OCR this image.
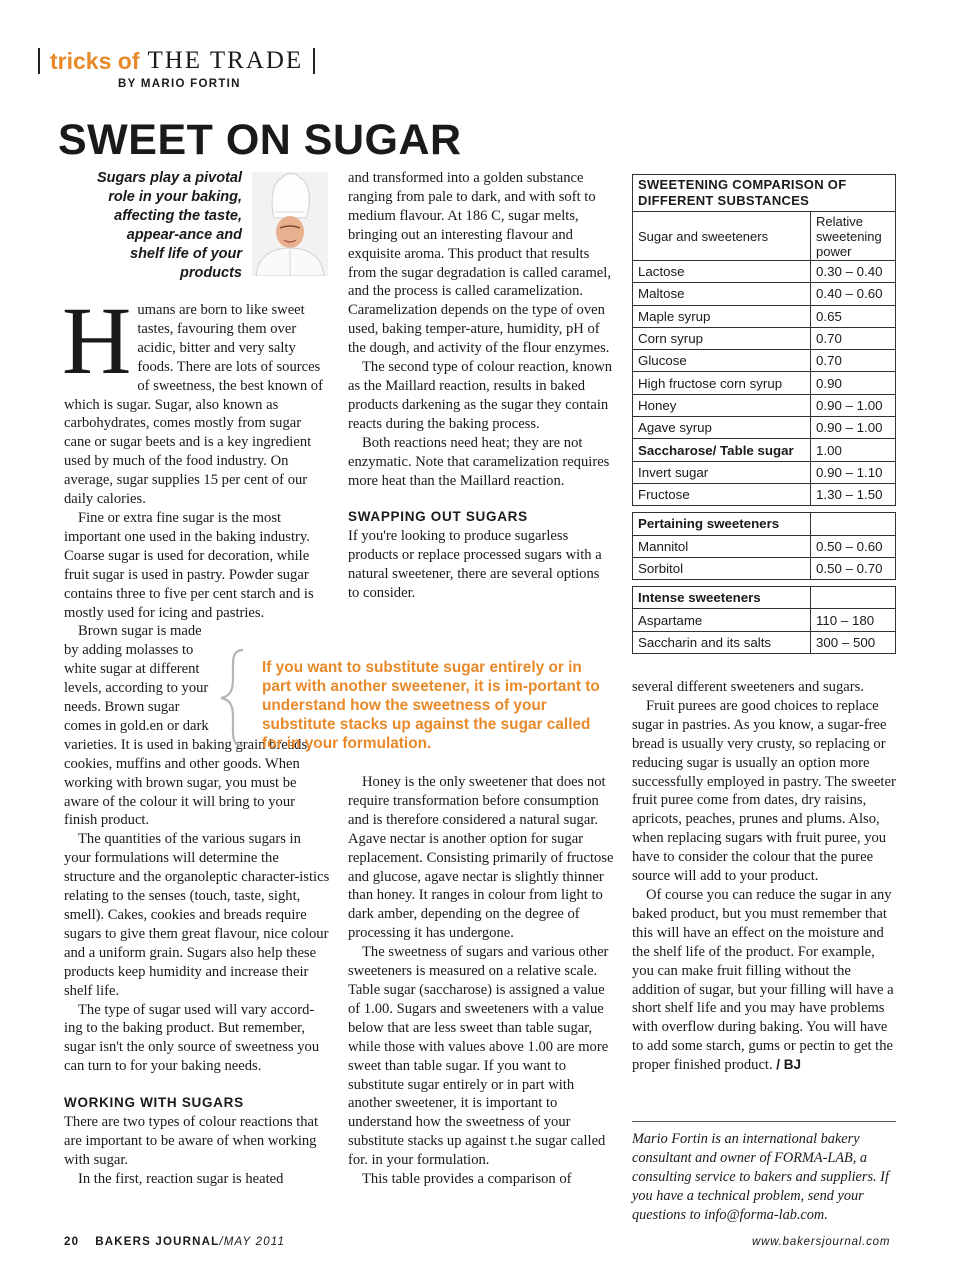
tricks of THE TRADE
BY MARIO FORTIN
SWEET ON SUGAR
Sugars play a pivotal role in your baking, affecting the taste, appear-ance and shelf life of your products
H umans are born to like sweet tastes, favouring them over acidic, bitter and very salty foods. There are lots of sources of sweetness, the best known of which is sugar. Sugar, also known as carbohydrates, comes mostly from sugar cane or sugar beets and is a key ingredient used by much of the food industry. On average, sugar supplies 15 per cent of our daily calories.

Fine or extra fine sugar is the most important one used in the baking industry. Coarse sugar is used for decoration, while fruit sugar is used in pastry. Powder sugar contains three to five per cent starch and is mostly used for icing and pastries.

Brown sugar is made by adding molasses to white sugar at different levels, according to your needs. Brown sugar comes in gold.en or dark varieties. It is used in baking grain breads, cookies, muffins and other goods. When working with brown sugar, you must be aware of the colour it will bring to your finish product.

The quantities of the various sugars in your formulations will determine the structure and the organoleptic character-istics relating to the senses (touch, taste, sight, smell). Cakes, cookies and breads require sugars to give them great flavour, nice colour and a uniform grain. Sugars also help these products keep humidity and increase their shelf life.

The type of sugar used will vary accord-ing to the baking product. But remember, sugar isn't the only source of sweetness you can turn to for your baking needs.

WORKING WITH SUGARS

There are two types of colour reactions that are important to be aware of when working with sugar.

In the first, reaction sugar is heated

and transformed into a golden substance ranging from pale to dark, and with soft to medium flavour. At 186 C, sugar melts, bringing out an interesting flavour and exquisite aroma. This product that results from the sugar degradation is called caramel, and the process is called caramelization. Caramelization depends on the type of oven used, baking temper-ature, humidity, pH of the dough, and activity of the flour enzymes.

The second type of colour reaction, known as the Maillard reaction, results in baked products darkening as the sugar they contain reacts during the baking process.

Both reactions need heat; they are not enzymatic. Note that caramelization requires more heat than the Maillard reaction.

SWAPPING OUT SUGARS

If you're looking to produce sugarless products or replace processed sugars with a natural sweetener, there are several options to consider.

If you want to substitute sugar entirely or in part with another sweetener, it is im-portant to understand how the sweetness of your substitute stacks up against the sugar called for in your formulation.

Honey is the only sweetener that does not require transformation before consumption and is therefore considered a natural sugar. Agave nectar is another option for sugar replacement. Consisting primarily of fructose and glucose, agave nectar is slightly thinner than honey. It ranges in colour from light to dark amber, depending on the degree of processing it has undergone.

The sweetness of sugars and various other sweeteners is measured on a relative scale. Table sugar (saccharose) is assigned a value of 1.00. Sugars and sweeteners with a value below that are less sweet than table sugar, while those with values above 1.00 are more sweet than table sugar. If you want to substitute sugar entirely or in part with another sweetener, it is important to understand how the sweetness of your substitute stacks up against t.he sugar called for. in your formulation.

This table provides a comparison of

SWEETENING COMPARISON OF DIFFERENT SUBSTANCES	
Sugar and sweeteners	Relative sweetening power
Lactose	0.30 – 0.40
Maltose	0.40 – 0.60
Maple syrup	0.65
Corn syrup	0.70
Glucose	0.70
High fructose corn syrup	0.90
Honey	0.90 – 1.00
Agave syrup	0.90 – 1.00
Saccharose/ Table sugar	1.00
Invert sugar	0.90 – 1.10
Fructose	1.30 – 1.50

Pertaining sweeteners	
Mannitol	0.50 – 0.60
Sorbitol	0.50 – 0.70

Intense sweeteners	
Aspartame	110 – 180
Saccharin and its salts	300 – 500

several different sweeteners and sugars.

Fruit purees are good choices to replace sugar in pastries. As you know, a sugar-free bread is usually very crusty, so replacing or reducing sugar is usually an option more successfully employed in pastry. The sweeter fruit puree come from dates, dry raisins, apricots, peaches, prunes and plums. Also, when replacing sugars with fruit puree, you have to consider the colour that the puree source will add to your product.

Of course you can reduce the sugar in any baked product, but you must remember that this will have an effect on the moisture and the shelf life of the product. For example, you can make fruit filling without the addition of sugar, but your filling will have a short shelf life and you may have problems with overflow during baking. You will have to add some starch, gums or pectin to get the proper finished product. / BJ

Mario Fortin is an international bakery consultant and owner of FORMA-LAB, a consulting service to bakers and suppliers. If you have a technical problem, send your questions to info@forma-lab.com.
20 BAKERS JOURNAL/MAY 2011	www.bakersjournal.com
